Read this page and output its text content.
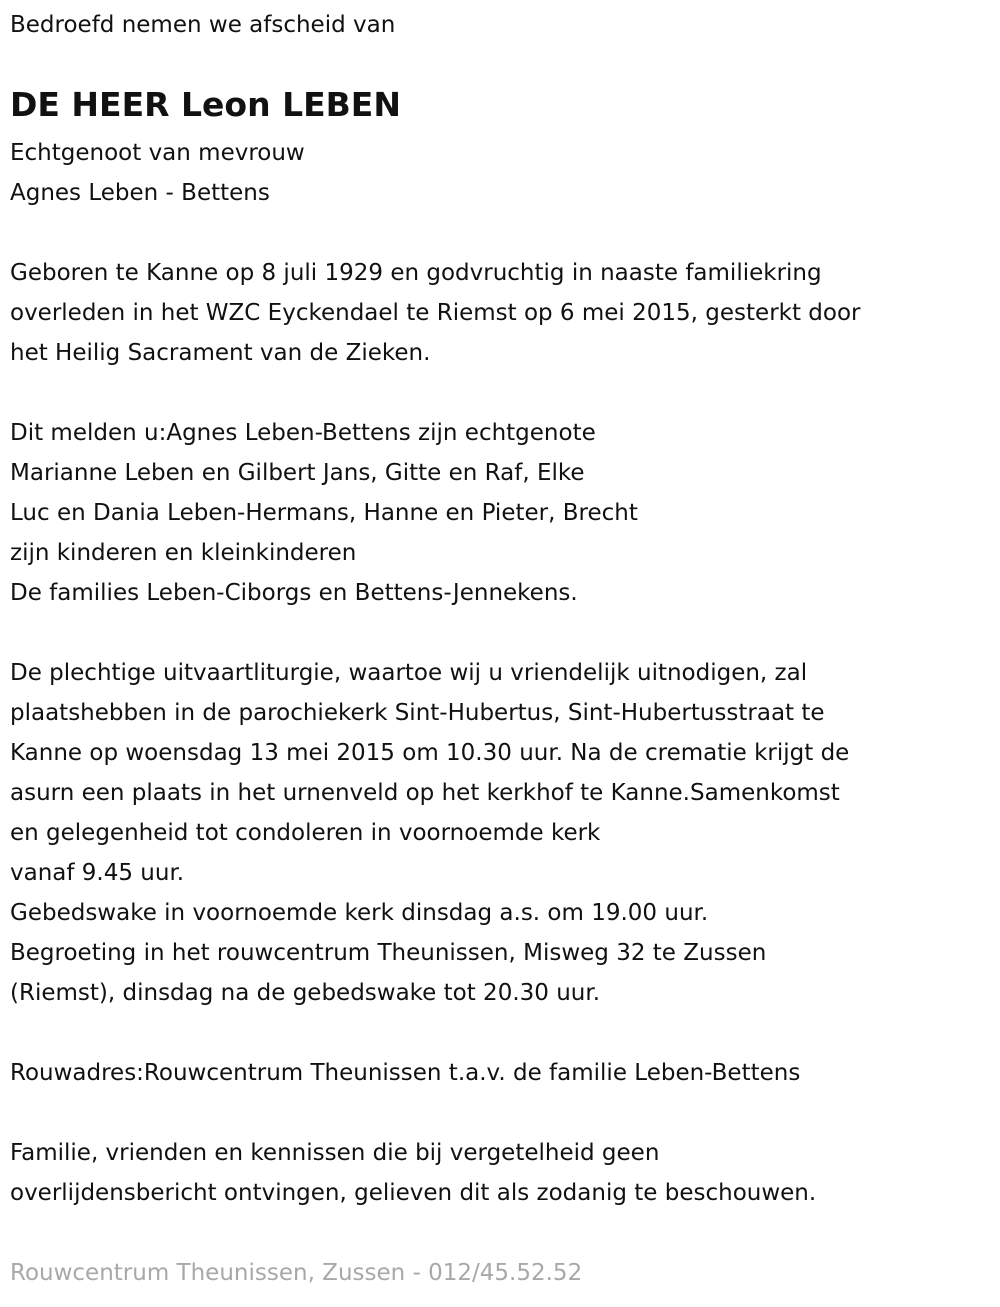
Bedroefd nemen we afscheid van
DE HEER Leon LEBEN
Echtgenoot van mevrouw
Agnes Leben - Bettens
Geboren te Kanne op 8 juli 1929 en godvruchtig in naaste familiekring
overleden in het WZC Eyckendael te Riemst op 6 mei 2015, gesterkt door
het Heilig Sacrament van de Zieken.
Dit melden u:Agnes Leben-Bettens zijn echtgenote
Marianne Leben en Gilbert Jans, Gitte en Raf, Elke
Luc en Dania Leben-Hermans, Hanne en Pieter, Brecht
zijn kinderen en kleinkinderen
De families Leben-Ciborgs en Bettens-Jennekens.
De plechtige uitvaartliturgie, waartoe wij u vriendelijk uitnodigen, zal
plaatshebben in de parochiekerk Sint-Hubertus, Sint-Hubertusstraat te
Kanne op woensdag 13 mei 2015 om 10.30 uur. Na de crematie krijgt de
asurn een plaats in het urnenveld op het kerkhof te Kanne.Samenkomst
en gelegenheid tot condoleren in voornoemde kerk
vanaf 9.45 uur.
Gebedswake in voornoemde kerk dinsdag a.s. om 19.00 uur.
Begroeting in het rouwcentrum Theunissen, Misweg 32 te Zussen
(Riemst), dinsdag na de gebedswake tot 20.30 uur.
Rouwadres:Rouwcentrum Theunissen t.a.v. de familie Leben-Bettens
Familie, vrienden en kennissen die bij vergetelheid geen
overlijdensbericht ontvingen, gelieven dit als zodanig te beschouwen.
Rouwcentrum Theunissen, Zussen - 012/45.52.52
